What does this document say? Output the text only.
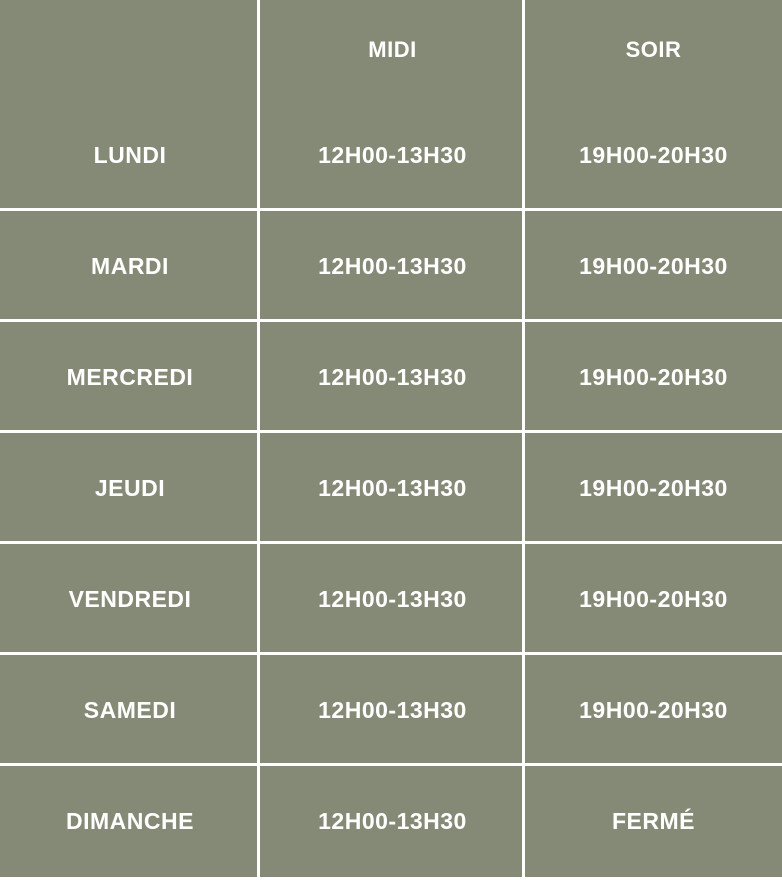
	MIDI	SOIR
LUNDI	12H00-13H30	19H00-20H30
MARDI	12H00-13H30	19H00-20H30
MERCREDI	12H00-13H30	19H00-20H30
JEUDI	12H00-13H30	19H00-20H30
VENDREDI	12H00-13H30	19H00-20H30
SAMEDI	12H00-13H30	19H00-20H30
DIMANCHE	12H00-13H30	FERMÉ
